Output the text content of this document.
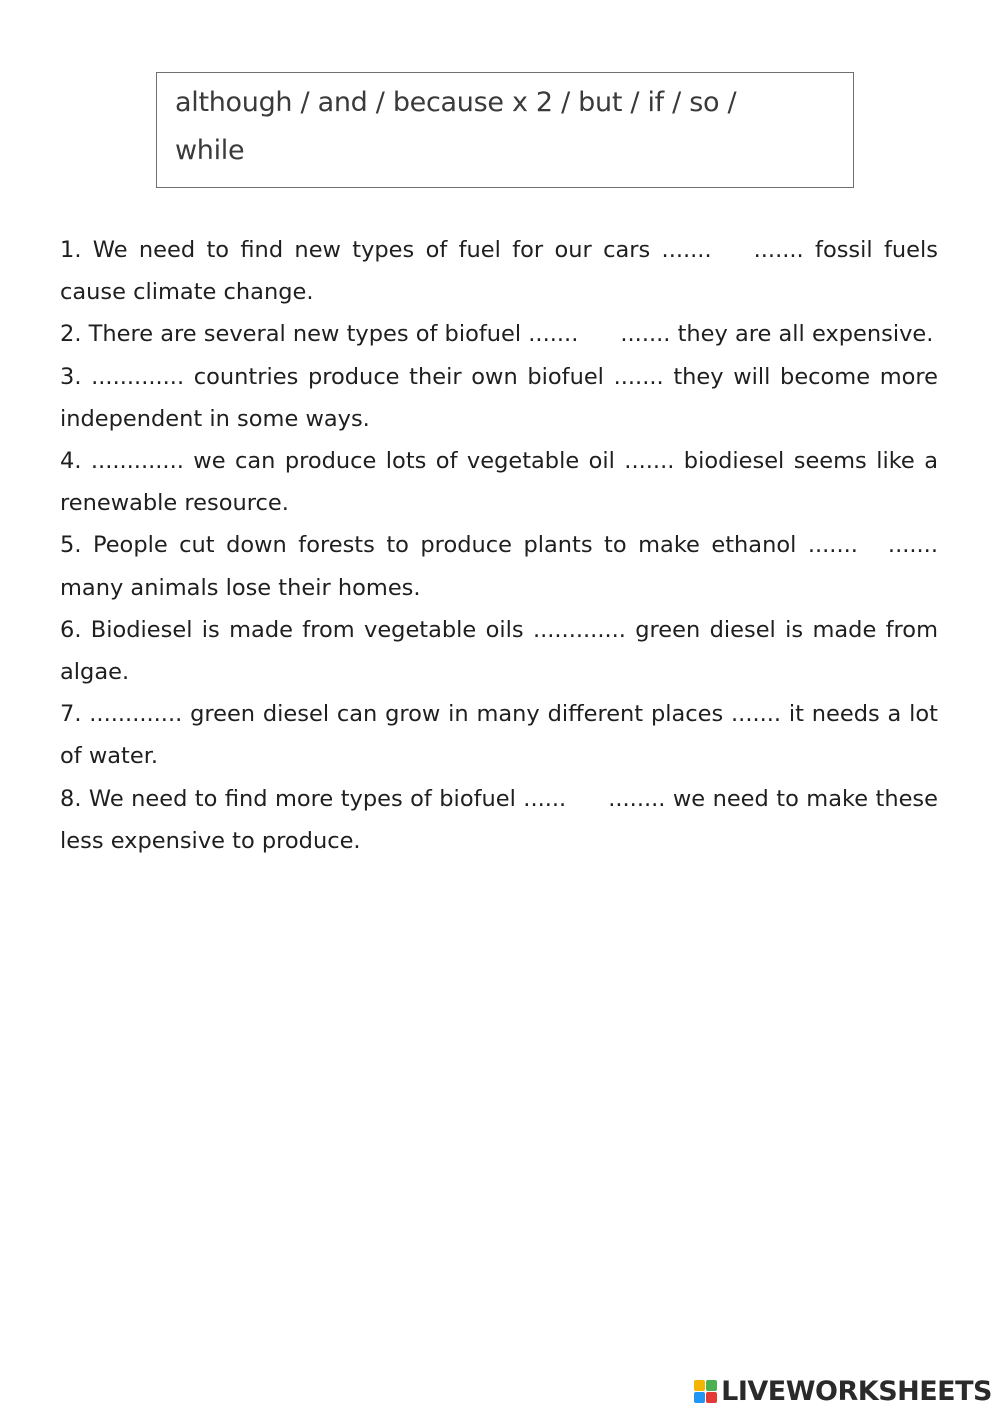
although / and / because x 2 / but / if / so /
while
1. We need to find new types of fuel for our cars ....... ....... fossil fuels cause climate change.
2. There are several new types of biofuel ....... ....... they are all expensive.
3. ............. countries produce their own biofuel ....... they will become more independent in some ways.
4. ............. we can produce lots of vegetable oil ....... biodiesel seems like a renewable resource.
5. People cut down forests to produce plants to make ethanol ....... ....... many animals lose their homes.
6. Biodiesel is made from vegetable oils ............. green diesel is made from algae.
7. ............. green diesel can grow in many different places ....... it needs a lot of water.
8. We need to find more types of biofuel ...... ........ we need to make these less expensive to produce.
LIVEWORKSHEETS
